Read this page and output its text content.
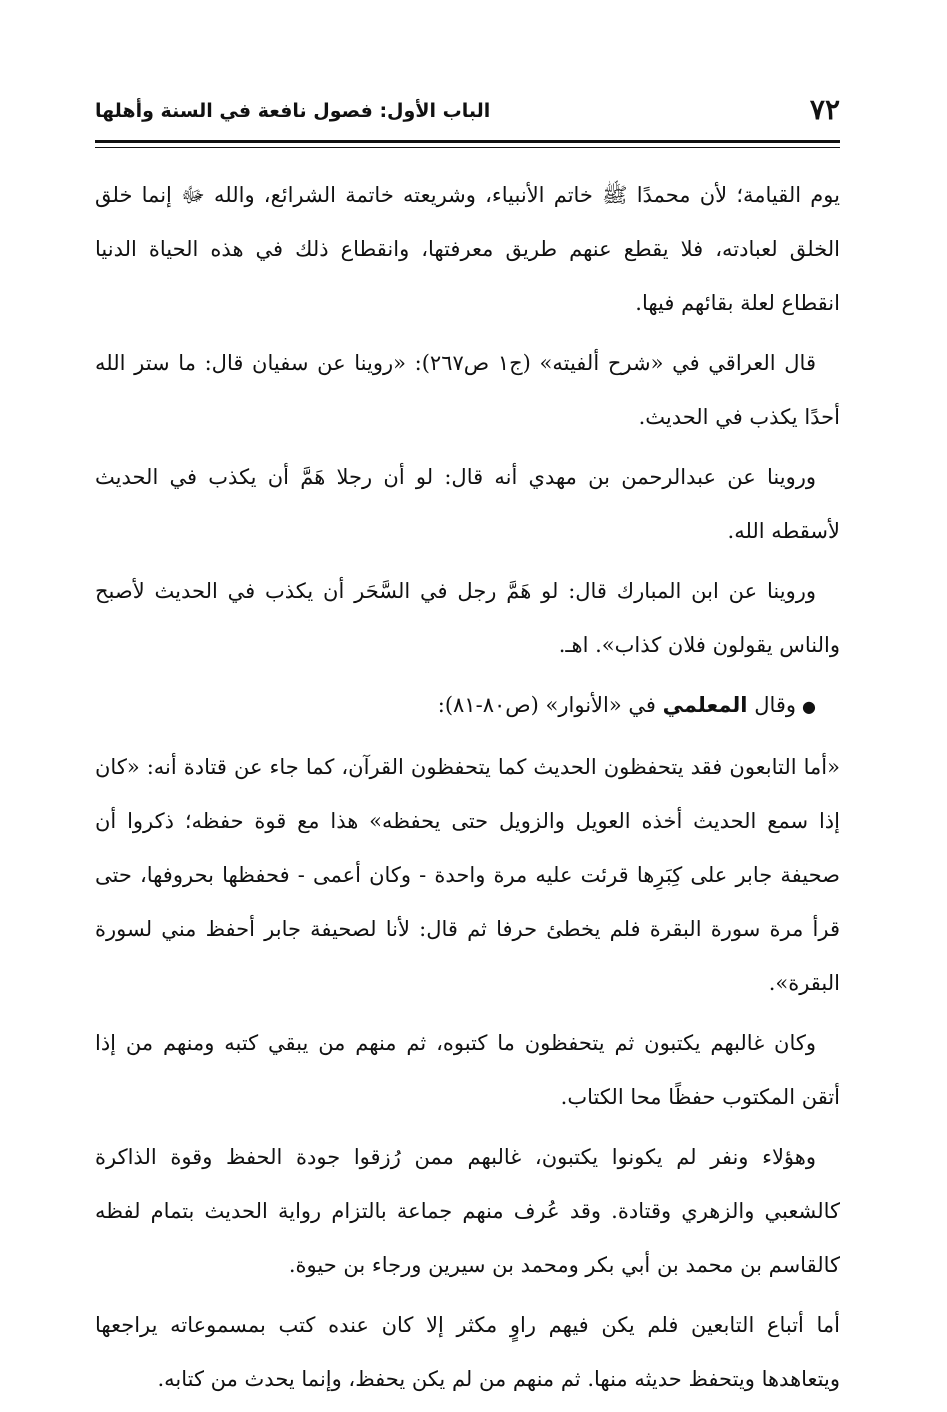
٧٢
الباب الأول: فصول نافعة في السنة وأهلها

يوم القيامة؛ لأن محمدًا ﷺ خاتم الأنبياء، وشريعته خاتمة الشرائع، والله ﷻ إنما خلق الخلق لعبادته، فلا يقطع عنهم طريق معرفتها، وانقطاع ذلك في هذه الحياة الدنيا انقطاع لعلة بقائهم فيها.

قال العراقي في «شرح ألفيته» (ج١ ص٢٦٧): «روينا عن سفيان قال: ما ستر الله أحدًا يكذب في الحديث.

وروينا عن عبدالرحمن بن مهدي أنه قال: لو أن رجلا هَمَّ أن يكذب في الحديث لأسقطه الله.

وروينا عن ابن المبارك قال: لو هَمَّ رجل في السَّحَر أن يكذب في الحديث لأصبح والناس يقولون فلان كذاب». اهـ.

●وقال المعلمي في «الأنوار» (ص٨٠-٨١):

«أما التابعون فقد يتحفظون الحديث كما يتحفظون القرآن، كما جاء عن قتادة أنه: «كان إذا سمع الحديث أخذه العويل والزويل حتى يحفظه» هذا مع قوة حفظه؛ ذكروا أن صحيفة جابر على كِبَرِها قرئت عليه مرة واحدة - وكان أعمى - فحفظها بحروفها، حتى قرأ مرة سورة البقرة فلم يخطئ حرفا ثم قال: لأنا لصحيفة جابر أحفظ مني لسورة البقرة».

وكان غالبهم يكتبون ثم يتحفظون ما كتبوه، ثم منهم من يبقي كتبه ومنهم من إذا أتقن المكتوب حفظًا محا الكتاب.

وهؤلاء ونفر لم يكونوا يكتبون، غالبهم ممن رُزقوا جودة الحفظ وقوة الذاكرة كالشعبي والزهري وقتادة. وقد عُرف منهم جماعة بالتزام رواية الحديث بتمام لفظه كالقاسم بن محمد بن أبي بكر ومحمد بن سيرين ورجاء بن حيوة.

أما أتباع التابعين فلم يكن فيهم راوٍ مكثر إلا كان عنده كتب بمسموعاته يراجعها ويتعاهدها ويتحفظ حديثه منها. ثم منهم من لم يكن يحفظ، وإنما يحدث من كتابه.
